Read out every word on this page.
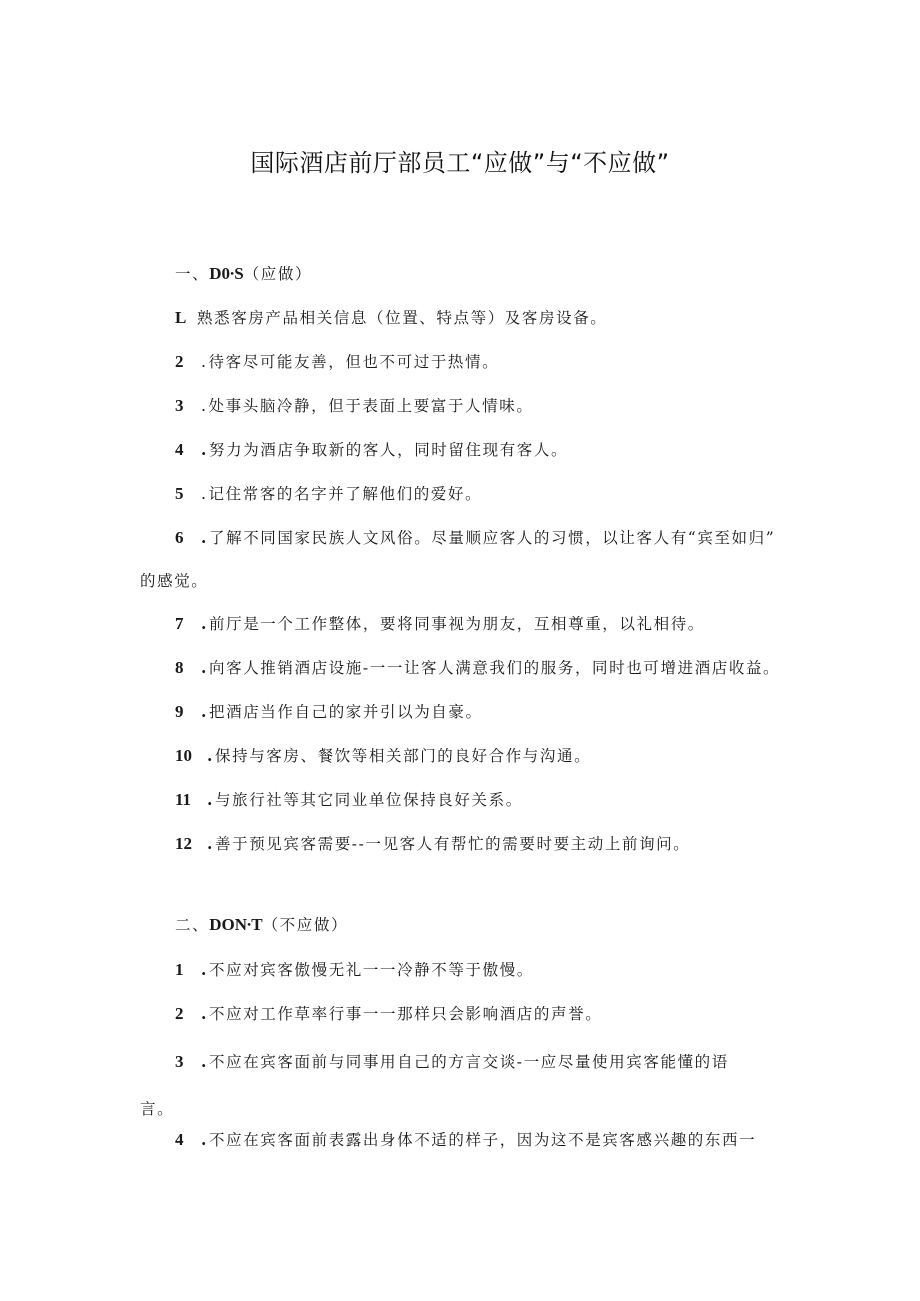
国际酒店前厅部员工“应做”与“不应做”
一、D0∙S（应做）
L 熟悉客房产品相关信息（位置、特点等）及客房设备。
2 .待客尽可能友善，但也不可过于热情。
3 .处事头脑冷静，但于表面上要富于人情味。
4 .努力为酒店争取新的客人，同时留住现有客人。
5 .记住常客的名字并了解他们的爱好。
6 .了解不同国家民族人文风俗。尽量顺应客人的习惯，以让客人有“宾至如归”
的感觉。
7 .前厅是一个工作整体，要将同事视为朋友，互相尊重，以礼相待。
8 .向客人推销酒店设施-一一让客人满意我们的服务，同时也可增进酒店收益。
9 .把酒店当作自己的家并引以为自豪。
10 .保持与客房、餐饮等相关部门的良好合作与沟通。
11 .与旅行社等其它同业单位保持良好关系。
12 .善于预见宾客需要--一见客人有帮忙的需要时要主动上前询问。
二、DON∙T（不应做）
1 .不应对宾客傲慢无礼一一冷静不等于傲慢。
2 .不应对工作草率行事一一那样只会影响酒店的声誉。
3 .不应在宾客面前与同事用自己的方言交谈-一应尽量使用宾客能懂的语
言。
4 .不应在宾客面前表露出身体不适的样子，因为这不是宾客感兴趣的东西一
